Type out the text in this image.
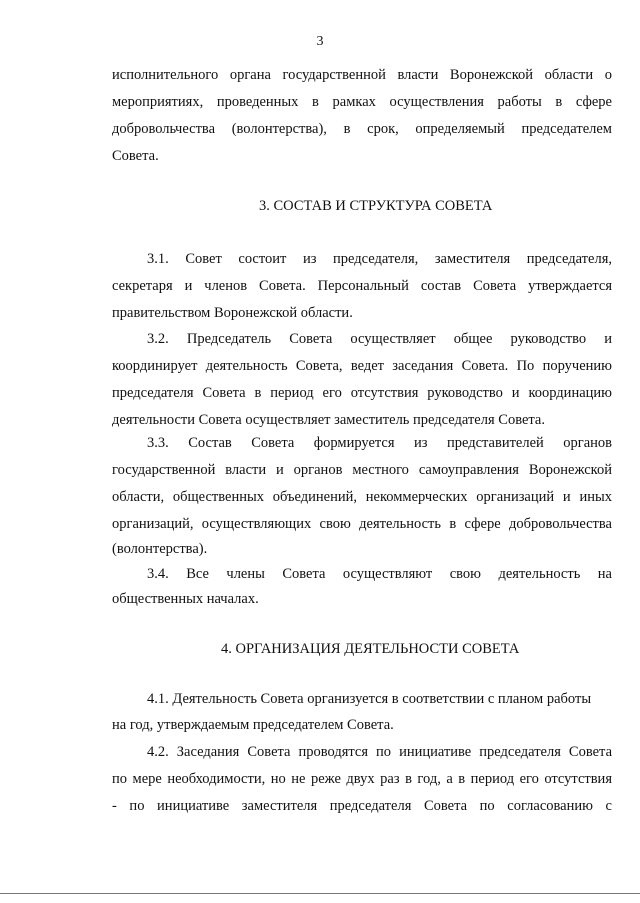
3
исполнительного органа государственной власти Воронежской области о
мероприятиях, проведенных в рамках осуществления работы в сфере
добровольчества (волонтерства), в срок, определяемый председателем
Совета.
3. СОСТАВ И СТРУКТУРА СОВЕТА
3.1. Совет состоит из председателя, заместителя председателя,
секретаря и членов Совета. Персональный состав Совета утверждается
правительством Воронежской области.
3.2. Председатель Совета осуществляет общее руководство и
координирует деятельность Совета, ведет заседания Совета. По поручению
председателя Совета в период его отсутствия руководство и координацию
деятельности Совета осуществляет заместитель председателя Совета.
3.3. Состав Совета формируется из представителей органов
государственной власти и органов местного самоуправления Воронежской
области, общественных объединений, некоммерческих организаций и иных
организаций, осуществляющих свою деятельность в сфере добровольчества
(волонтерства).
3.4. Все члены Совета осуществляют свою деятельность на
общественных началах.
4. ОРГАНИЗАЦИЯ ДЕЯТЕЛЬНОСТИ СОВЕТА
4.1. Деятельность Совета организуется в соответствии с планом работы
на год, утверждаемым председателем Совета.
4.2. Заседания Совета проводятся по инициативе председателя Совета
по мере необходимости, но не реже двух раз в год, а в период его отсутствия
- по инициативе заместителя председателя Совета по согласованию с
